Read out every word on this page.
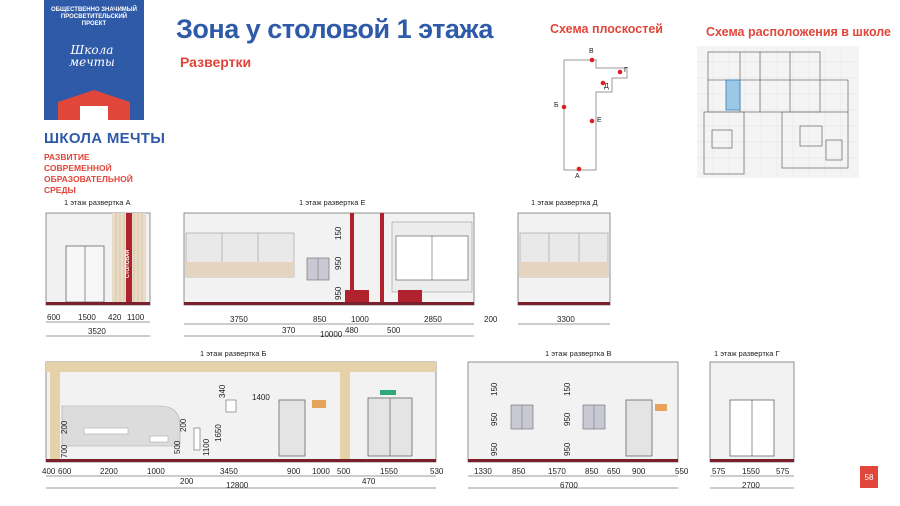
ОБЩЕСТВЕННО ЗНАЧИМЫЙ ПРОСВЕТИТЕЛЬСКИЙ ПРОЕКТ
Школа мечты
ШКОЛА МЕЧТЫ
РАЗВИТИЕ СОВРЕМЕННОЙ ОБРАЗОВАТЕЛЬНОЙ СРЕДЫ
Зона у столовой 1 этажа
Развертки
Схема плоскостей	Схема расположения в школе
В
Г
Д
Б
Е
А
1 этаж развертка А	1 этаж развертка Е	1 этаж развертка Д
1 этаж развертка Б	1 этаж развертка В	1 этаж развертка Г
СТОЛОВАЯ
600 1500 420 1100
3520
3750	850	1000	2850	200
370	480	500
10000
150
950
950
3300
400 600	2200	1000	3450	900 1000 500	1550	530
200	470
12800
700
200
340	1400
500
200
1100
1650
1330	850	1570 850 650 900	550
6700
150
950
950
150
950
950
575 1550 575
2700
58
